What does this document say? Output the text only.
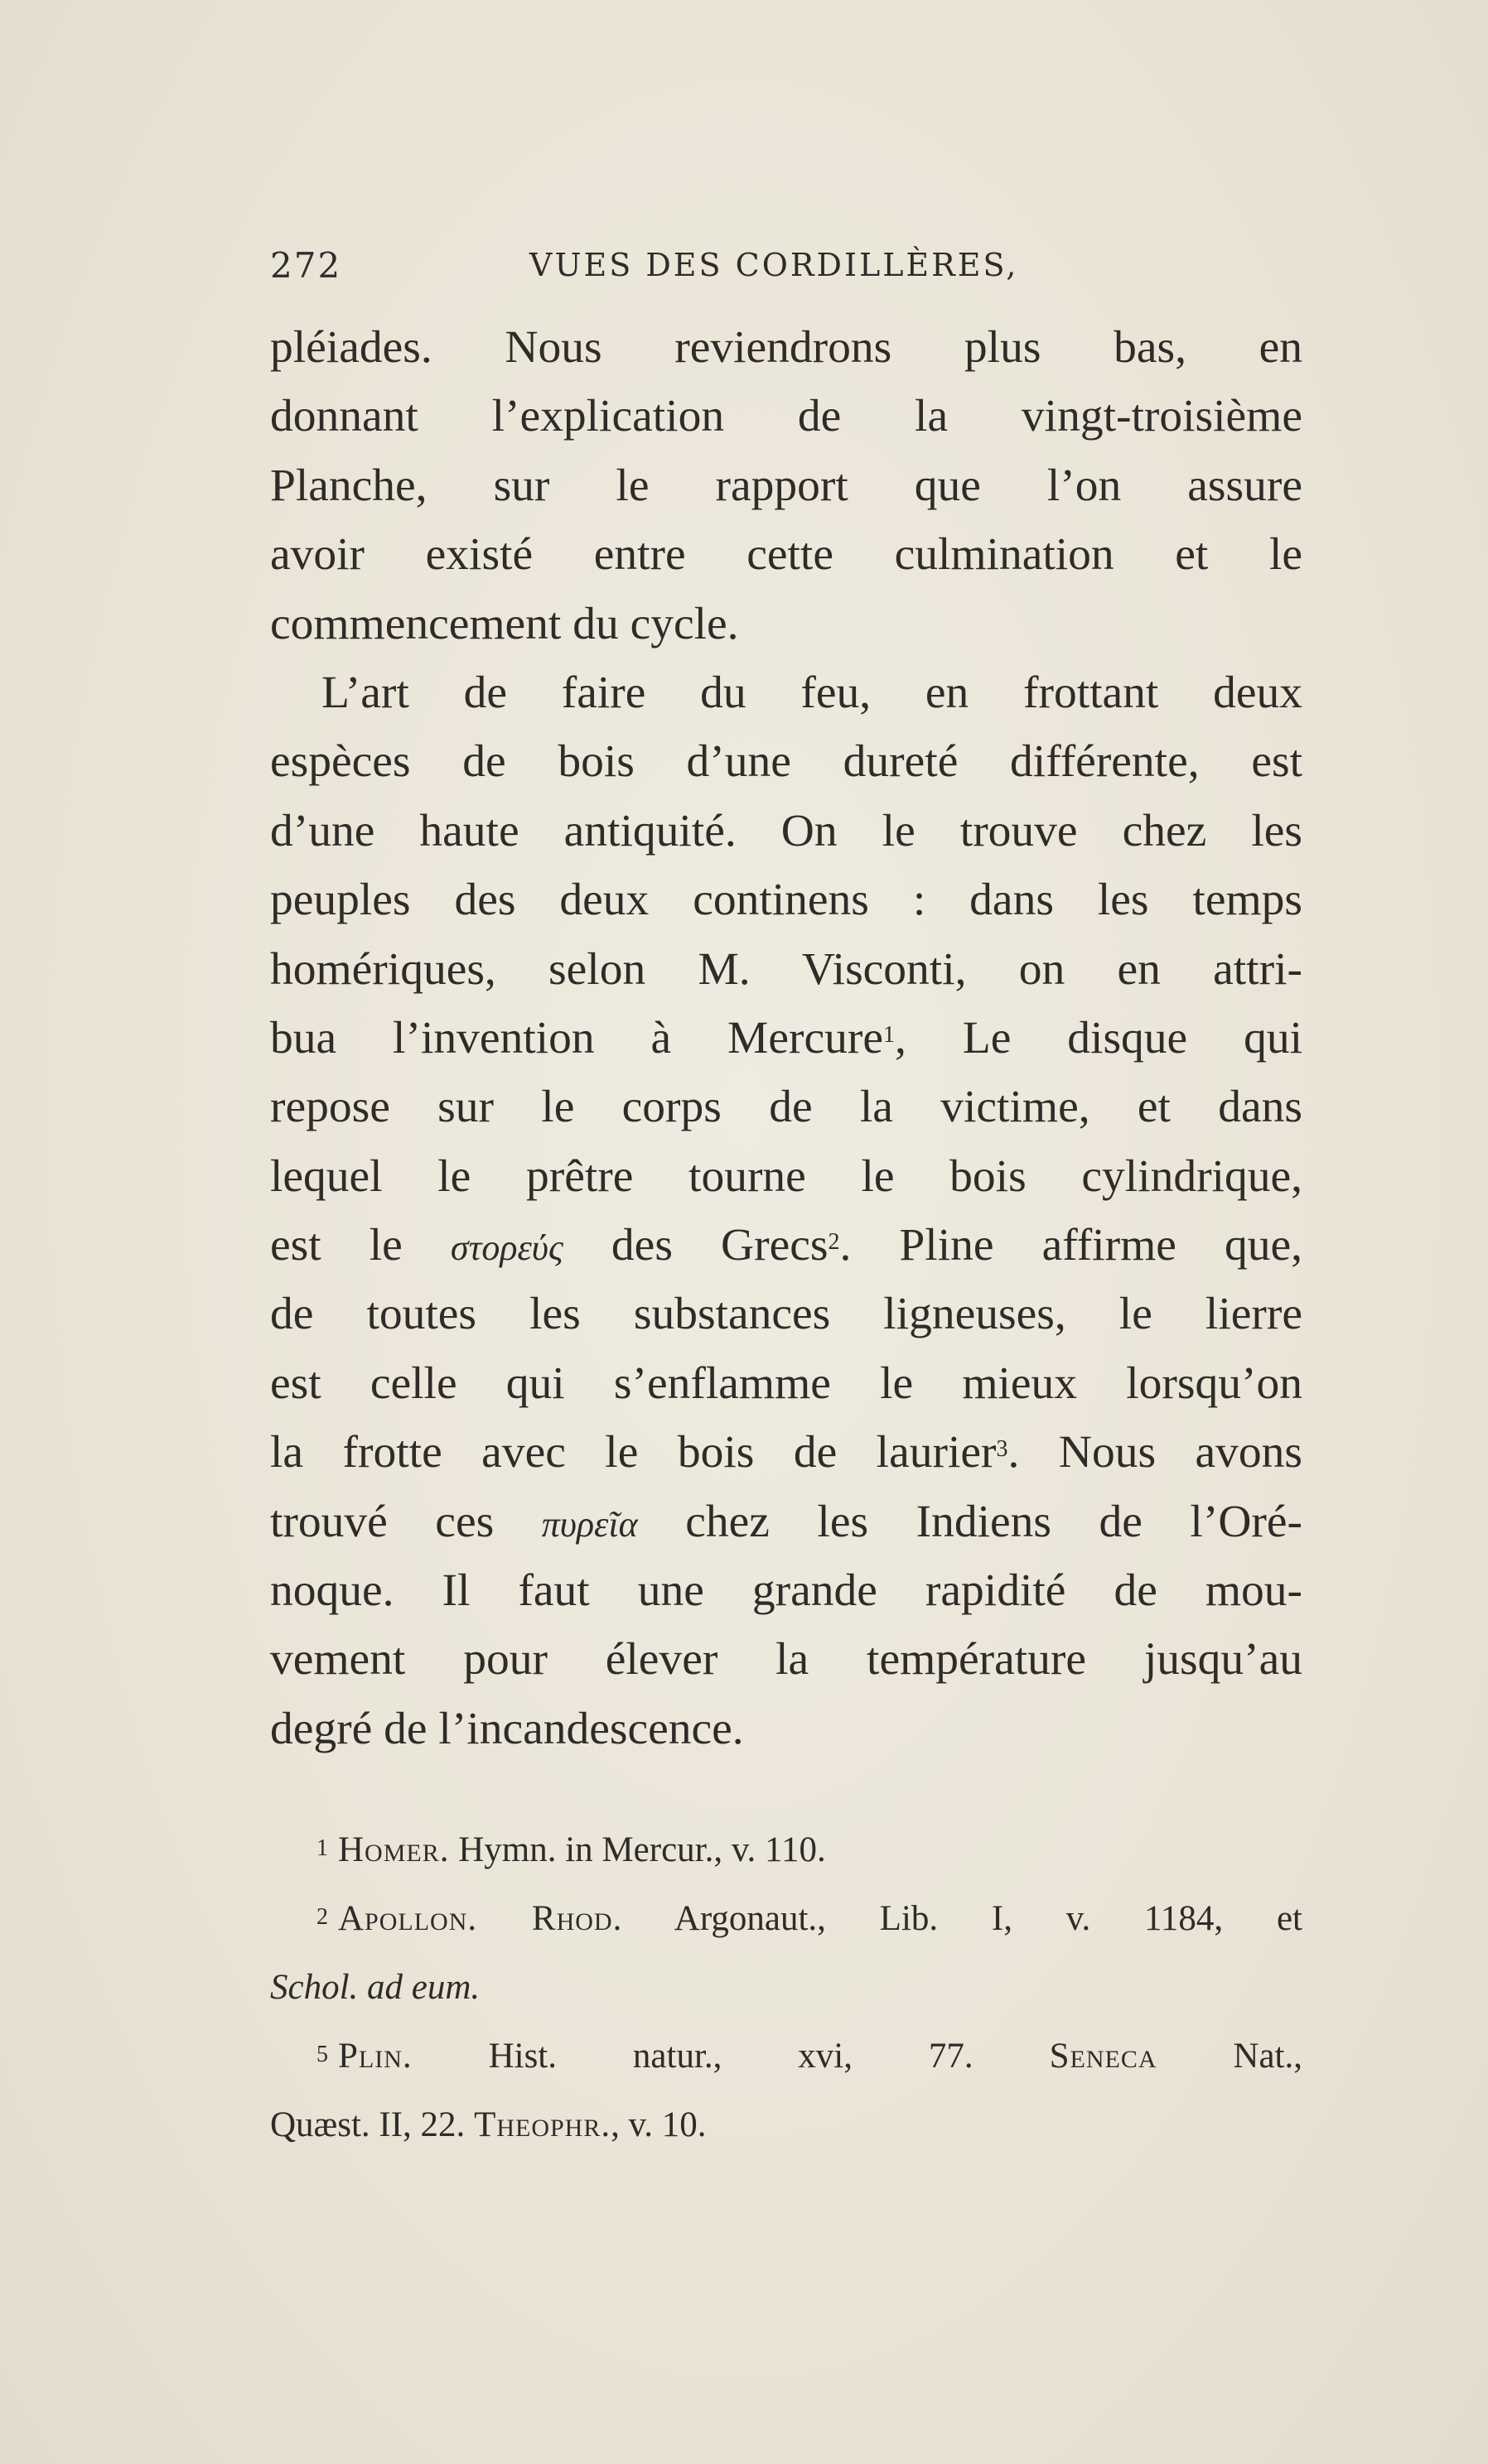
272	VUES DES CORDILLÈRES,
pléiades. Nous reviendrons plus bas, en
donnant l’explication de la vingt-troisième
Planche, sur le rapport que l’on assure
avoir existé entre cette culmination et le
commencement du cycle.
L’art de faire du feu, en frottant deux
espèces de bois d’une dureté différente, est
d’une haute antiquité. On le trouve chez les
peuples des deux continens : dans les temps
homériques, selon M. Visconti, on en attri-
bua l’invention à Mercure$^1$, Le disque qui
repose sur le corps de la victime, et dans
lequel le prêtre tourne le bois cylindrique,
est le στορεύς des Grecs$^2$. Pline affirme que,
de toutes les substances ligneuses, le lierre
est celle qui s’enflamme le mieux lorsqu’on
la frotte avec le bois de laurier$^3$. Nous avons
trouvé ces πυρεῖα chez les Indiens de l’Oré-
noque. Il faut une grande rapidité de mou-
vement pour élever la température jusqu’au
degré de l’incandescence.
$^1$ Homer. Hymn. in Mercur., v. 110.
$^2$ Apollon. Rhod. Argonaut., Lib. I, v. 1184, et
Schol. ad eum.
$^5$ Plin. Hist. natur., xvi, 77. Seneca Nat.,
Quæst. II, 22. Theophr., v. 10.
